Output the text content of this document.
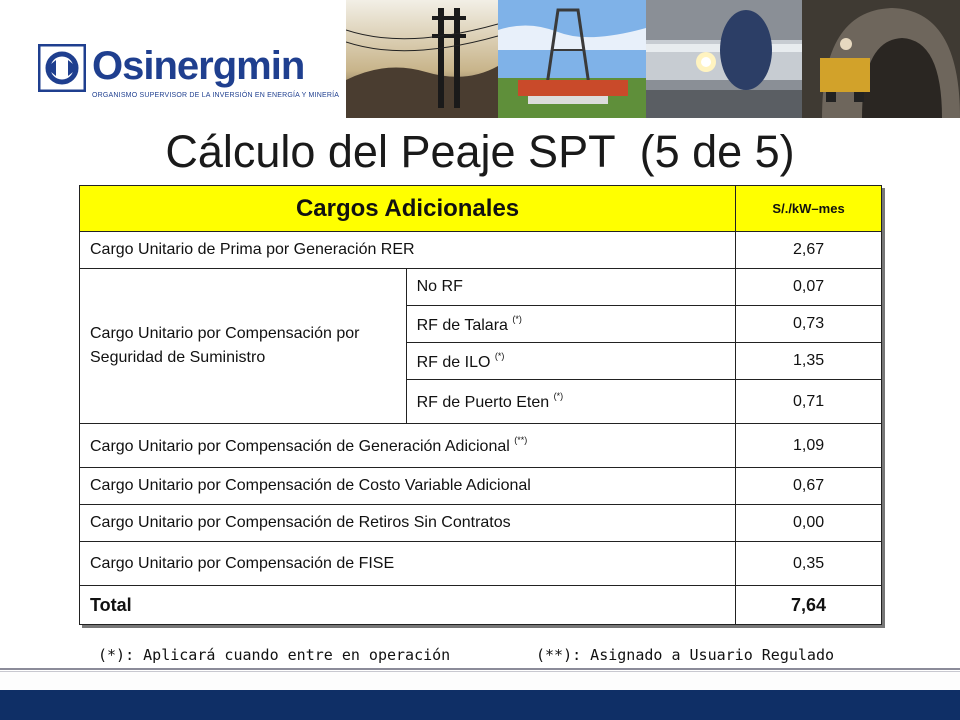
Osinergmin
ORGANISMO SUPERVISOR DE LA INVERSIÓN EN ENERGÍA Y MINERÍA
Cálculo del Peaje SPT (5 de 5)
Cargos Adicionales		S/./kW–mes
Cargo Unitario de Prima por Generación RER		2,67
Cargo Unitario por Compensación por Seguridad de Suministro	No RF	0,07
	RF de Talara (*)	0,73
	RF de ILO (*)	1,35
	RF de Puerto Eten (*)	0,71
Cargo Unitario por Compensación de Generación Adicional (**)		1,09
Cargo Unitario por Compensación de Costo Variable Adicional		0,67
Cargo Unitario por Compensación de Retiros Sin Contratos		0,00
Cargo Unitario por Compensación de FISE		0,35
Total		7,64
(*): Aplicará cuando entre en operación	(**): Asignado a Usuario Regulado
